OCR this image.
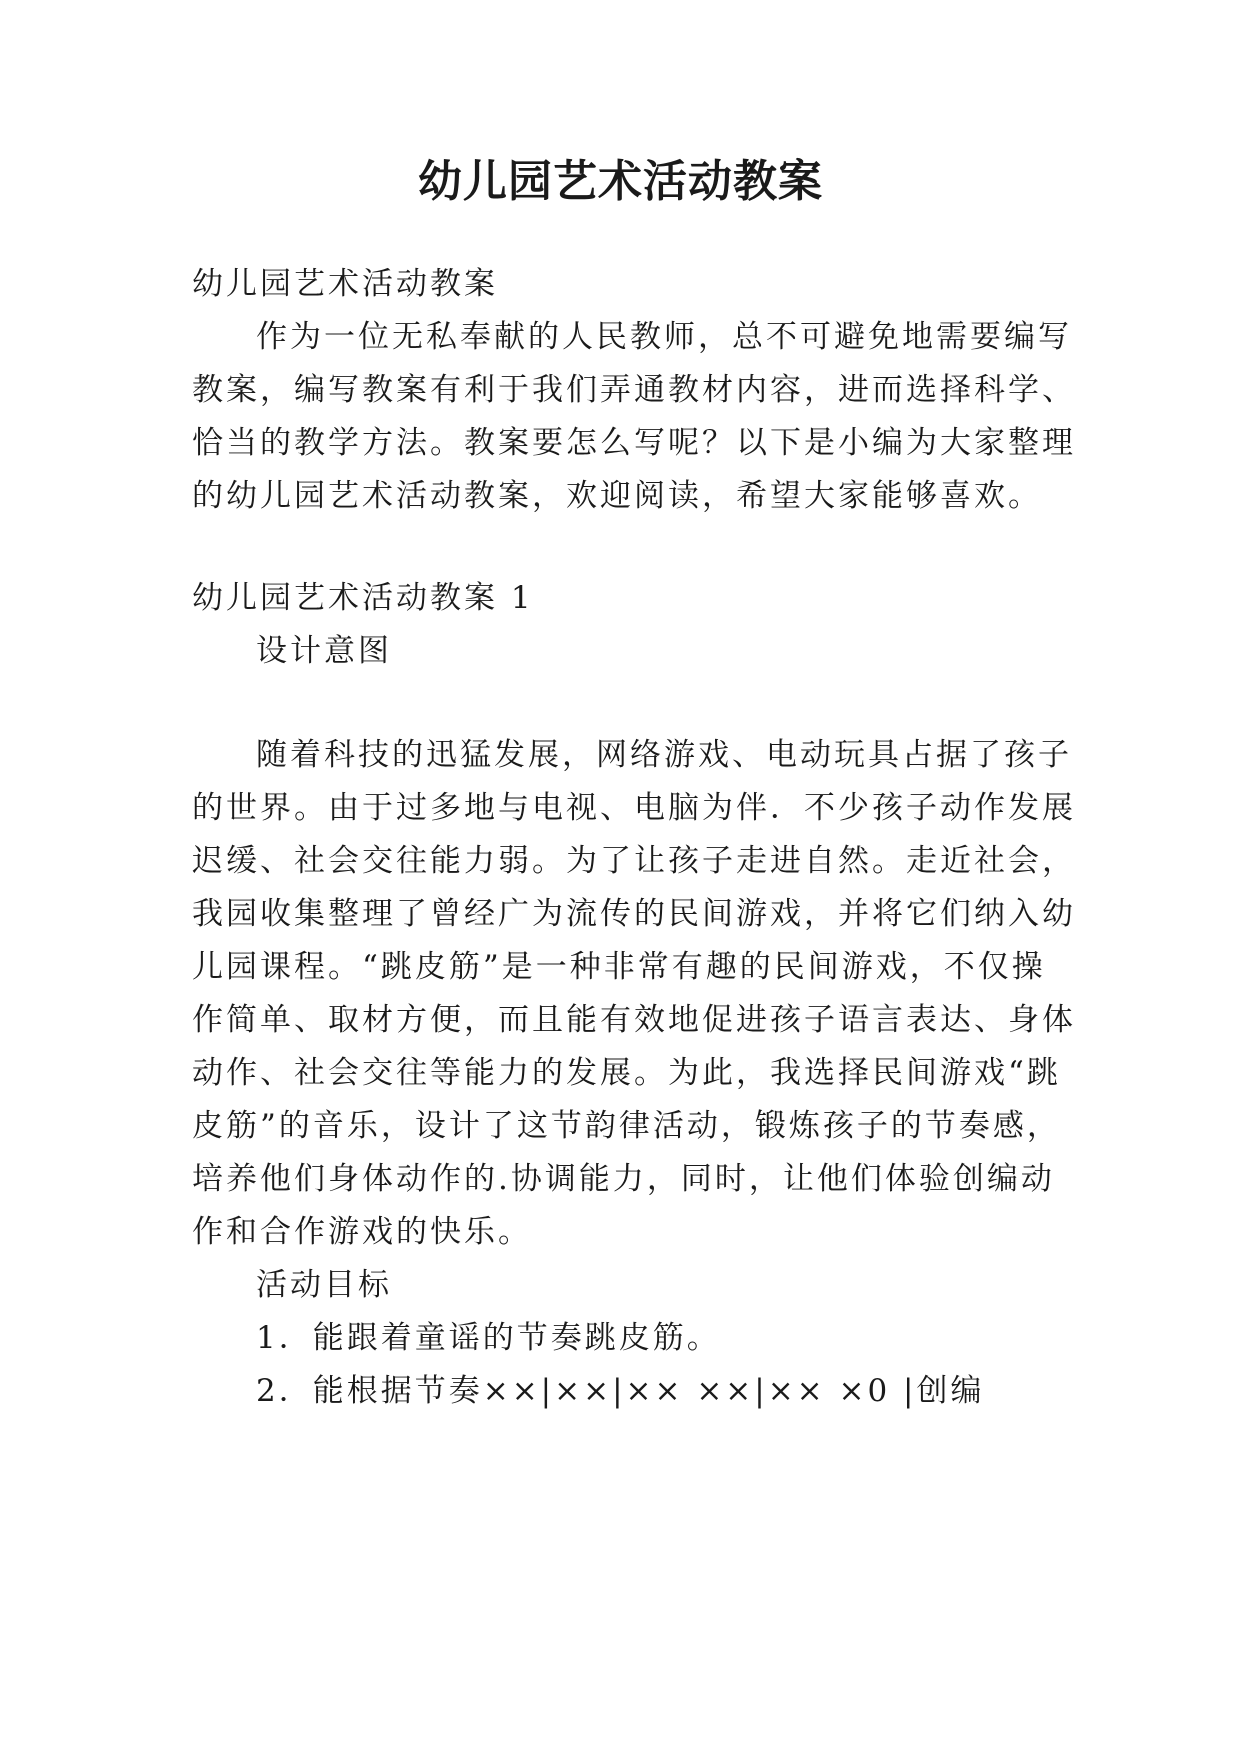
幼儿园艺术活动教案

幼儿园艺术活动教案

作为一位无私奉献的人民教师，总不可避免地需要编写

教案，编写教案有利于我们弄通教材内容，进而选择科学、

恰当的教学方法。教案要怎么写呢？以下是小编为大家整理

的幼儿园艺术活动教案，欢迎阅读，希望大家能够喜欢。

幼儿园艺术活动教案 1

设计意图

随着科技的迅猛发展，网络游戏、电动玩具占据了孩子

的世界。由于过多地与电视、电脑为伴．不少孩子动作发展

迟缓、社会交往能力弱。为了让孩子走进自然。走近社会，

我园收集整理了曾经广为流传的民间游戏，并将它们纳入幼

儿园课程。“跳皮筋”是一种非常有趣的民间游戏，不仅操

作简单、取材方便，而且能有效地促进孩子语言表达、身体

动作、社会交往等能力的发展。为此，我选择民间游戏“跳

皮筋”的音乐，设计了这节韵律活动，锻炼孩子的节奏感，

培养他们身体动作的.协调能力，同时，让他们体验创编动

作和合作游戏的快乐。

活动目标

1．能跟着童谣的节奏跳皮筋。

2．能根据节奏××|××|×× ××|×× ×0 |创编
